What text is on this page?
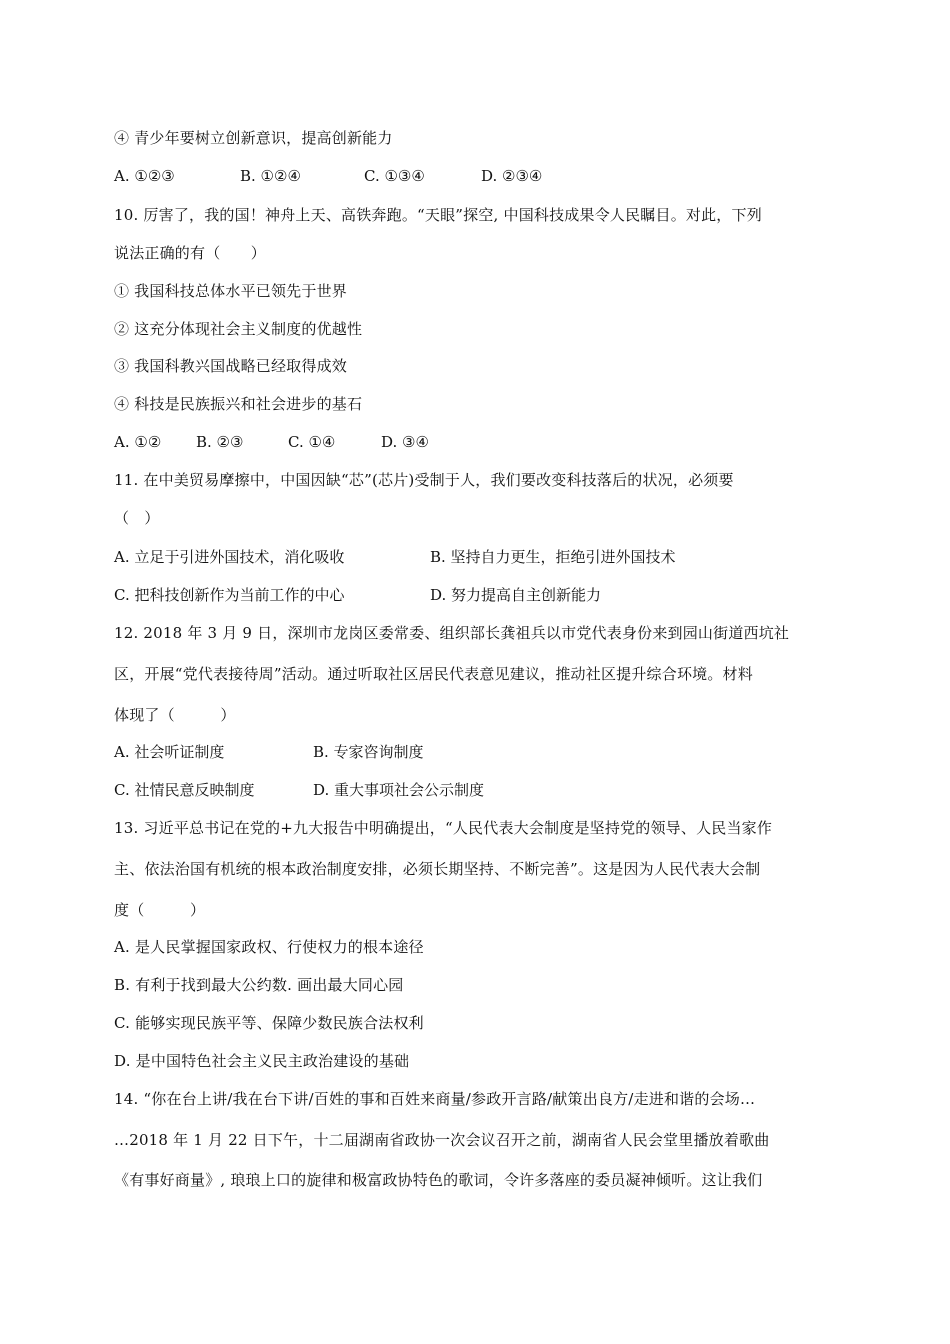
④ 青少年要树立创新意识，提高创新能力
A. ①②③	B. ①②④	C. ①③④	D. ②③④
10. 厉害了，我的国！神舟上天、高铁奔跑。“天眼”探空, 中国科技成果令人民瞩目。对此，下列
说法正确的有（　　）
① 我国科技总体水平已领先于世界
② 这充分体现社会主义制度的优越性
③ 我国科教兴国战略已经取得成效
④ 科技是民族振兴和社会进步的基石
A. ①② B. ②③	C. ①④	D. ③④
11. 在中美贸易摩擦中，中国因缺“芯”(芯片)受制于人，我们要改变科技落后的状况，必须要
（　）
A. 立足于引进外国技术，消化吸收	B. 坚持自力更生，拒绝引进外国技术
C. 把科技创新作为当前工作的中心	D. 努力提高自主创新能力
12. 2018 年 3 月 9 日，深圳市龙岗区委常委、组织部长龚祖兵以市党代表身份来到园山街道西坑社
区，开展“党代表接待周”活动。通过听取社区居民代表意见建议，推动社区提升综合环境。材料
体现了（　　　）
A. 社会听证制度	B. 专家咨询制度
C. 社情民意反映制度	D. 重大事项社会公示制度
13. 习近平总书记在党的+九大报告中明确提出，“人民代表大会制度是坚持党的领导、人民当家作
主、依法治国有机统的根本政治制度安排，必须长期坚持、不断完善”。这是因为人民代表大会制
度（　　　）
A. 是人民掌握国家政权、行使权力的根本途径
B. 有利于找到最大公约数. 画出最大同心园
C. 能够实现民族平等、保障少数民族合法权利
D. 是中国特色社会主义民主政治建设的基础
14. “你在台上讲/我在台下讲/百姓的事和百姓来商量/参政开言路/献策出良方/走进和谐的会场…
…2018 年 1 月 22 日下午，十二届湖南省政协一次会议召开之前，湖南省人民会堂里播放着歌曲
《有事好商量》, 琅琅上口的旋律和极富政协特色的歌词，令许多落座的委员凝神倾听。这让我们
